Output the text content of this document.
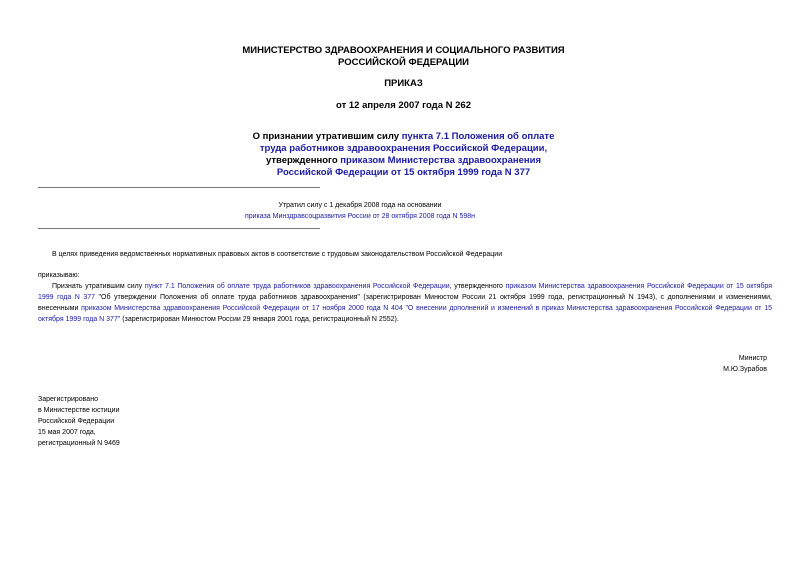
МИНИСТЕРСТВО ЗДРАВООХРАНЕНИЯ И СОЦИАЛЬНОГО РАЗВИТИЯ
РОССИЙСКОЙ ФЕДЕРАЦИИ
ПРИКАЗ
от 12 апреля 2007 года N 262
О признании утратившим силу пункта 7.1 Положения об оплате
труда работников здравоохранения Российской Федерации,
утвержденного приказом Министерства здравоохранения
Российской Федерации от 15 октября 1999 года N 377
Утратил силу с 1 декабря 2008 года на основании
приказа Минздравсоцразвития России от 28 октября 2008 года N 598н
В целях приведения ведомственных нормативных правовых актов в соответствие с трудовым законодательством Российской Федерации
приказываю:
Признать утратившим силу пункт 7.1 Положения об оплате труда работников здравоохранения Российской Федерации, утвержденного приказом Министерства здравоохранения Российской Федерации от 15 октября 1999 года N 377 "Об утверждении Положения об оплате труда работников здравоохранения" (зарегистрирован Минюстом России 21 октября 1999 года, регистрационный N 1943), с дополнениями и изменениями, внесенными приказом Министерства здравоохранения Российской Федерации от 17 ноября 2000 года N 404 "О внесении дополнений и изменений в приказ Министерства здравоохранения Российской Федерации от 15 октября 1999 года N 377" (зарегистрирован Минюстом России 29 января 2001 года, регистрационный N 2552).
Министр
М.Ю.Зурабов
Зарегистрировано
в Министерстве юстиции
Российской Федерации
15 мая 2007 года,
регистрационный N 9469
